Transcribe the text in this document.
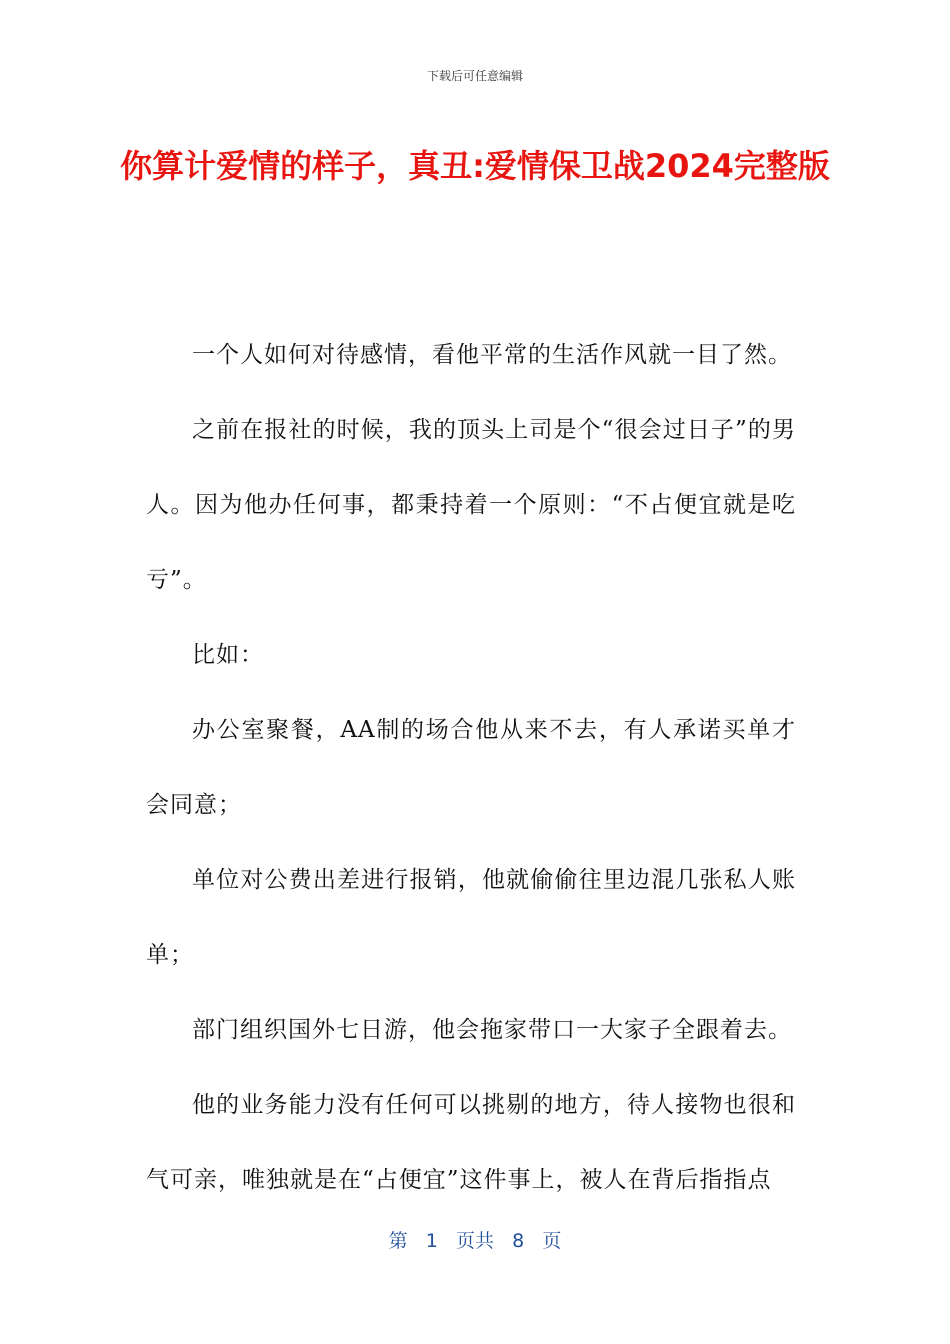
下载后可任意编辑
你算计爱情的样子，真丑:爱情保卫战2024完整版

一个人如何对待感情，看他平常的生活作风就一目了然。

之前在报社的时候，我的顶头上司是个“很会过日子”的男人。因为他办任何事，都秉持着一个原则：“不占便宜就是吃亏”。

比如：

办公室聚餐，AA制的场合他从来不去，有人承诺买单才会同意；

单位对公费出差进行报销，他就偷偷往里边混几张私人账单；

部门组织国外七日游，他会拖家带口一大家子全跟着去。

他的业务能力没有任何可以挑剔的地方，待人接物也很和气可亲，唯独就是在“占便宜”这件事上，被人在背后指指点

第 1 页共 8 页
